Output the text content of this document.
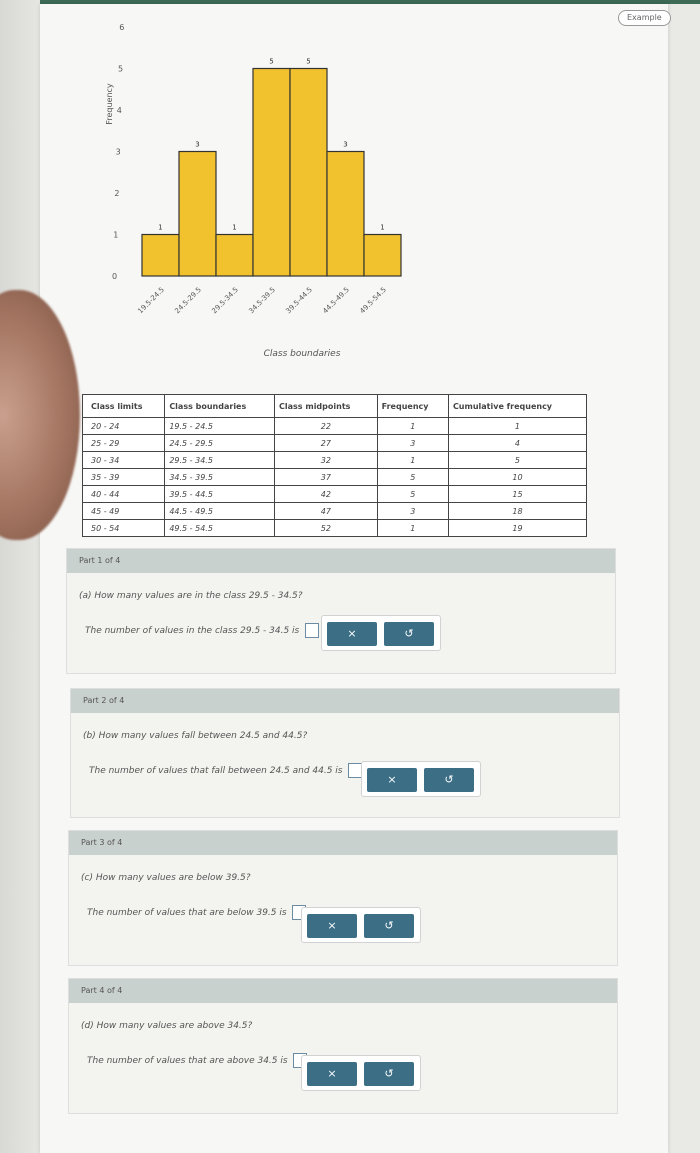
Example
Frequency
0
1
2
3
4
5
6
1
3
1
5	5
3
1
19.5-24.5 24.5-29.5 29.5-34.5 34.5-39.5 39.5-44.5 44.5-49.5 49.5-54.5
Class boundaries
Class limits	Class boundaries	Class midpoints	Frequency	Cumulative frequency
20 - 24	19.5 - 24.5	22	1	1
25 - 29	24.5 - 29.5	27	3	4
30 - 34	29.5 - 34.5	32	1	5
35 - 39	34.5 - 39.5	37	5	10
40 - 44	39.5 - 44.5	42	5	15
45 - 49	44.5 - 49.5	47	3	18
50 - 54	49.5 - 54.5	52	1	19
Part 1 of 4
(a) How many values are in the class 29.5 - 34.5?
The number of values in the class 29.5 - 34.5 is	×	↺
Part 2 of 4
(b) How many values fall between 24.5 and 44.5?
The number of values that fall between 24.5 and 44.5 is
×	↺
Part 3 of 4
(c) How many values are below 39.5?
The number of values that are below 39.5 is
×	↺
Part 4 of 4
(d) How many values are above 34.5?
The number of values that are above 34.5 is
×	↺
